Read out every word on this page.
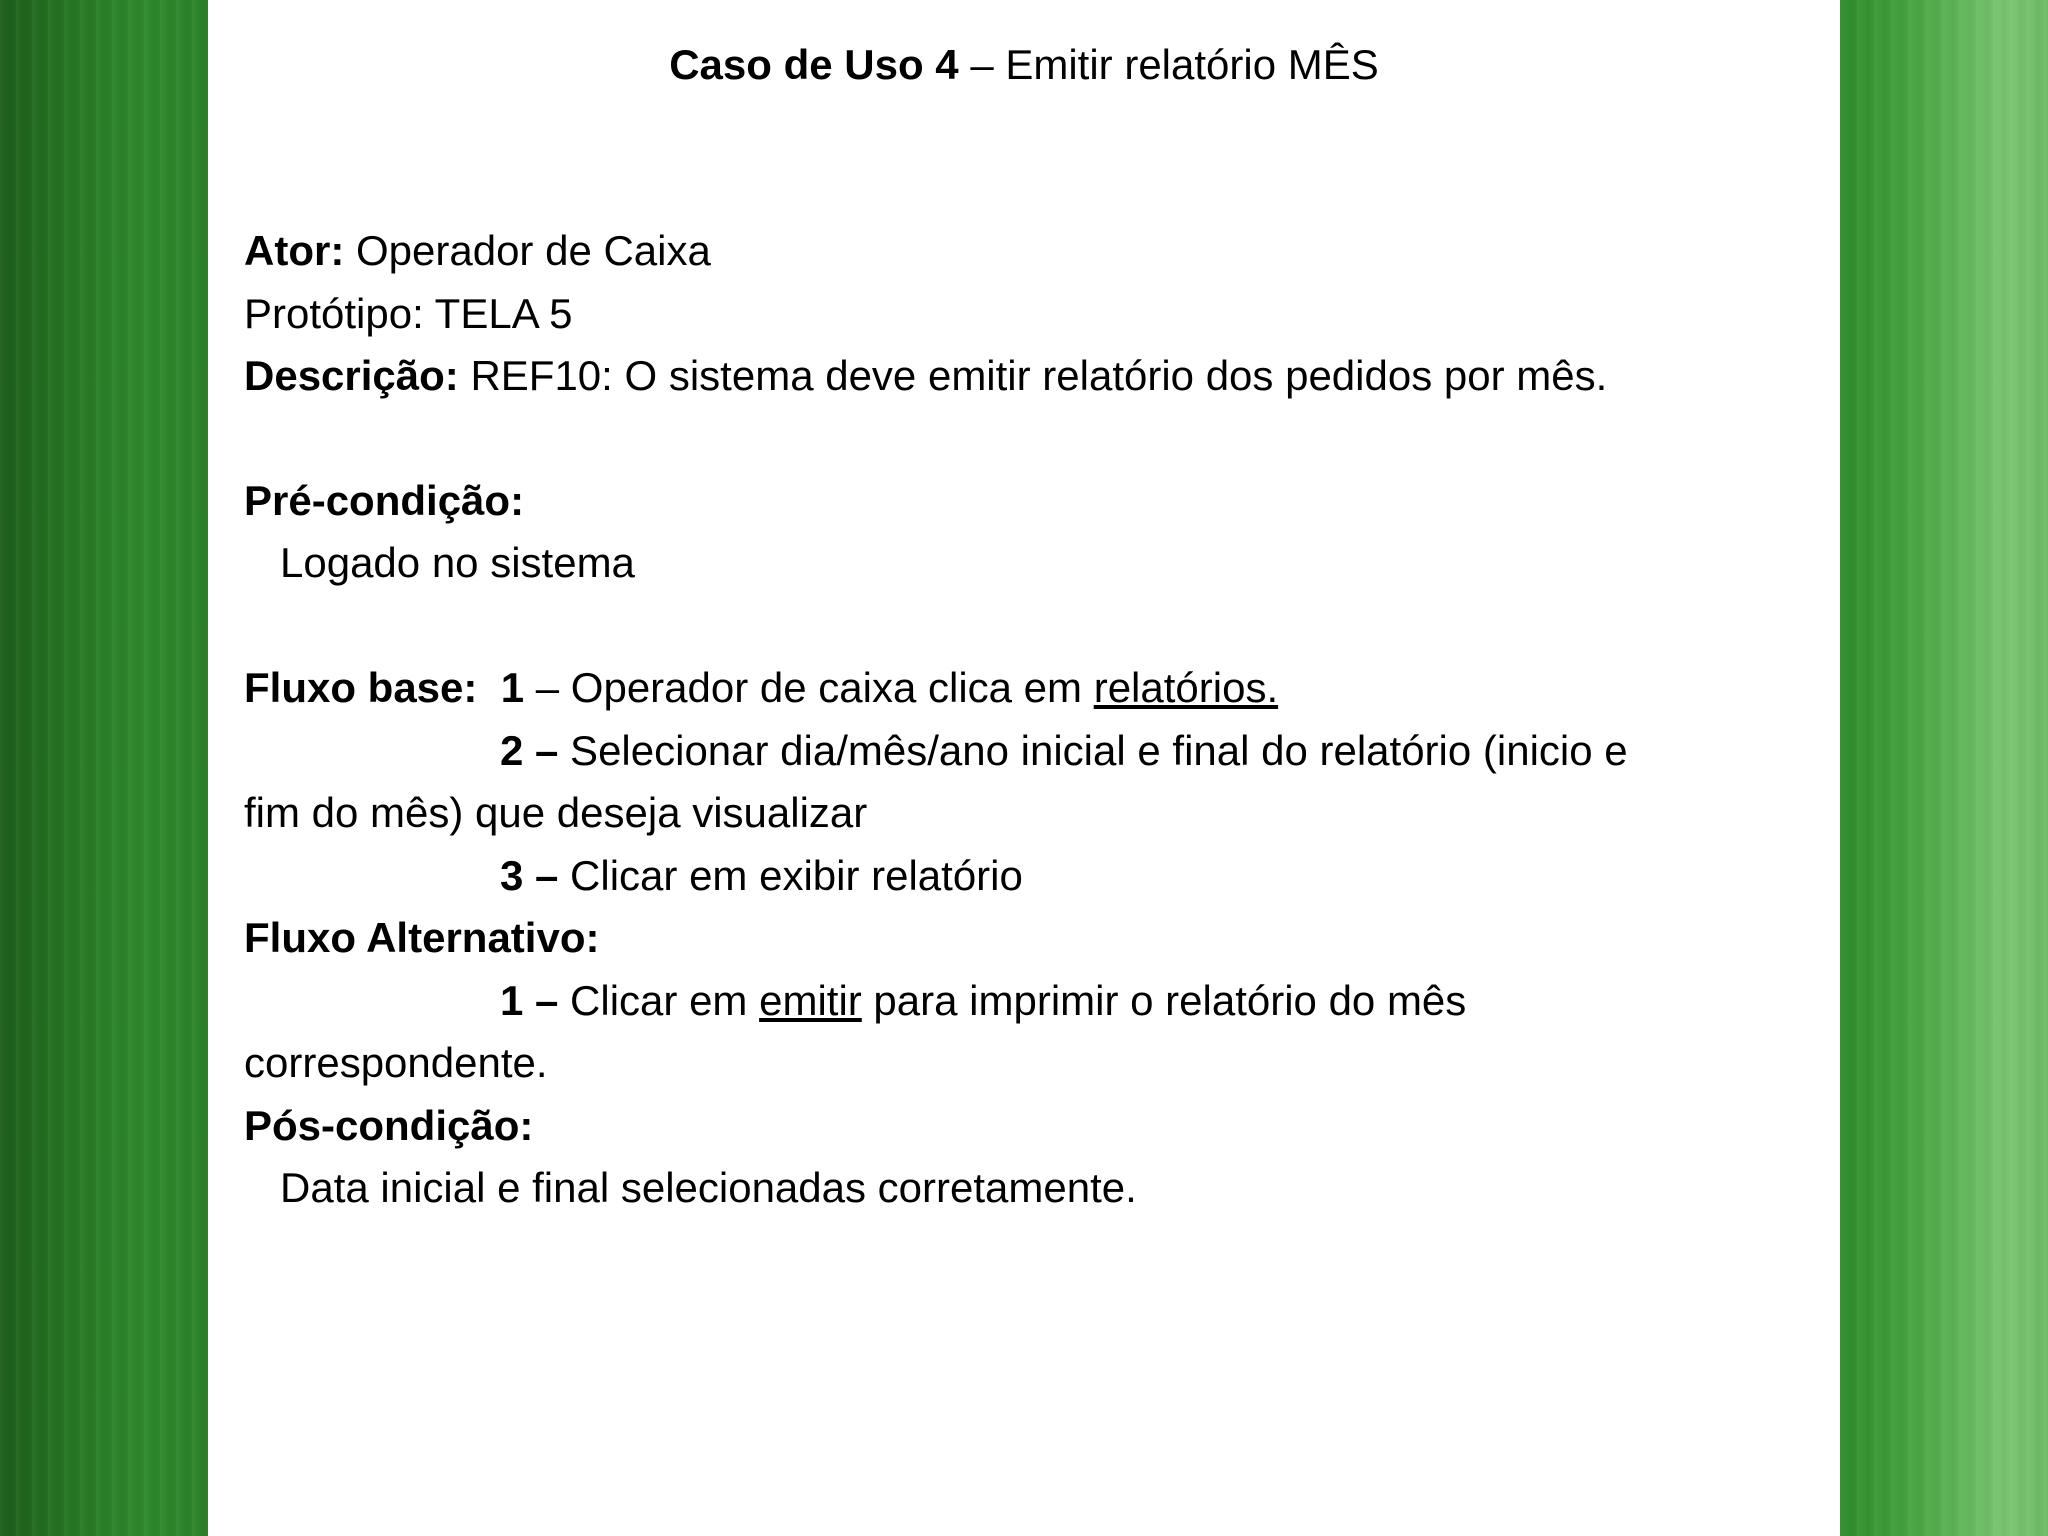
Caso de Uso 4 – Emitir relatório MÊS
Ator: Operador de Caixa
Protótipo: TELA 5
Descrição: REF10: O sistema deve emitir relatório dos pedidos por mês.
Pré-condição:
Logado no sistema
Fluxo base: 1 – Operador de caixa clica em relatórios.
2 – Selecionar dia/mês/ano inicial e final do relatório (inicio e
fim do mês) que deseja visualizar
3 – Clicar em exibir relatório
Fluxo Alternativo:
1 – Clicar em emitir para imprimir o relatório do mês
correspondente.
Pós-condição:
Data inicial e final selecionadas corretamente.
